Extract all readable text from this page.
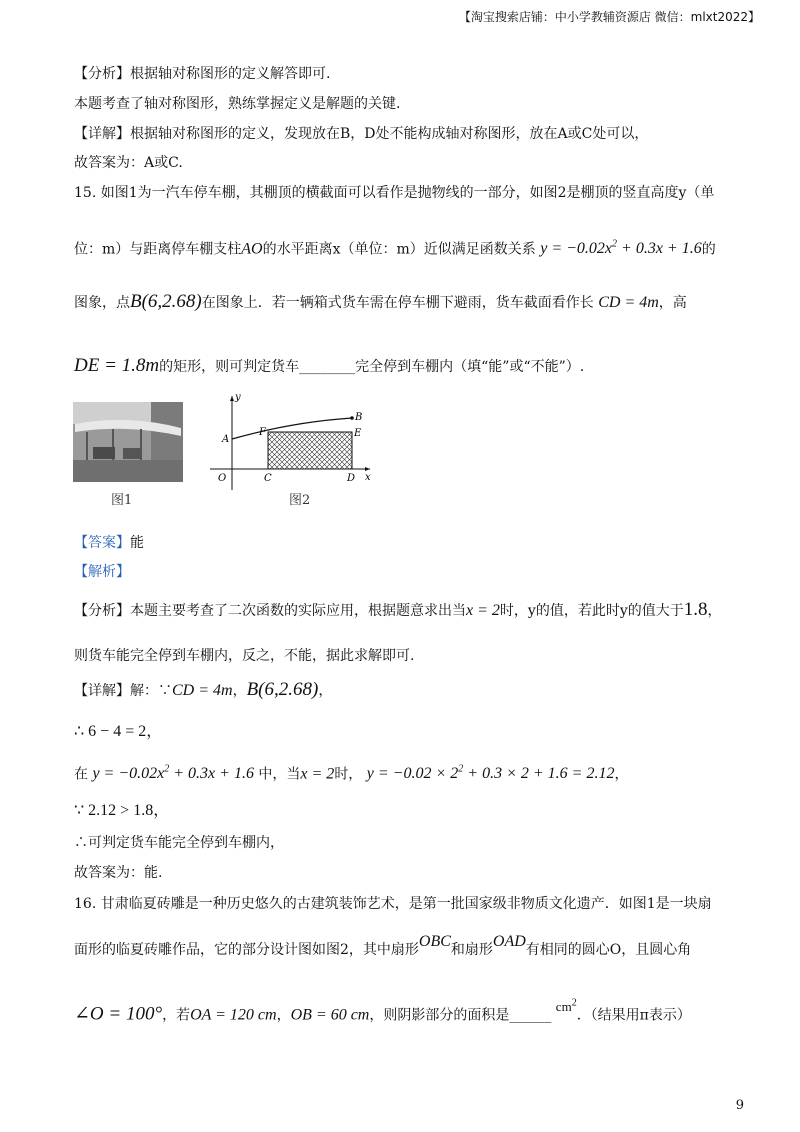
【淘宝搜索店铺：中小学教辅资源店 微信：mlxt2022】
【分析】根据轴对称图形的定义解答即可.
本题考查了轴对称图形，熟练掌握定义是解题的关键.
【详解】根据轴对称图形的定义，发现放在B，D处不能构成轴对称图形，放在A或C处可以，
故答案为：A或C.
15. 如图1为一汽车停车棚，其棚顶的横截面可以看作是抛物线的一部分，如图2是棚顶的竖直高度y（单
位：m）与距离停车棚支柱AO的水平距离x（单位：m）近似满足函数关系 $y = -0.02x^2 + 0.3x + 1.6$的
图象，点B(6,2.68)在图象上．若一辆箱式货车需在停车棚下避雨，货车截面看作长 CD = 4m，高
DE = 1.8m的矩形，则可判定货车________完全停到车棚内（填“能”或“不能”）.
图1
y
x
O
A
B
C	D
E
F
图2
【答案】能
【解析】
【分析】本题主要考查了二次函数的实际应用，根据题意求出当x = 2时，y的值，若此时y的值大于1.8，
则货车能完全停到车棚内，反之，不能，据此求解即可.
【详解】解：∵CD = 4m，B(6,2.68)，
∴ 6 − 4 = 2，
在 $y = -0.02x^2 + 0.3x + 1.6$ 中，当x = 2时， $y = -0.02 \times 2^2 + 0.3 \times 2 + 1.6 = 2.12$，
∵ 2.12 > 1.8，
∴可判定货车能完全停到车棚内，
故答案为：能.
16. 甘肃临夏砖雕是一种历史悠久的古建筑装饰艺术，是第一批国家级非物质文化遗产．如图1是一块扇
面形的临夏砖雕作品，它的部分设计图如图2，其中扇形OBC和扇形OAD有相同的圆心O，且圆心角
∠O = 100°，若OA = 120 cm，OB = 60 cm，则阴影部分的面积是______ $cm^2$．（结果用π表示）
9
